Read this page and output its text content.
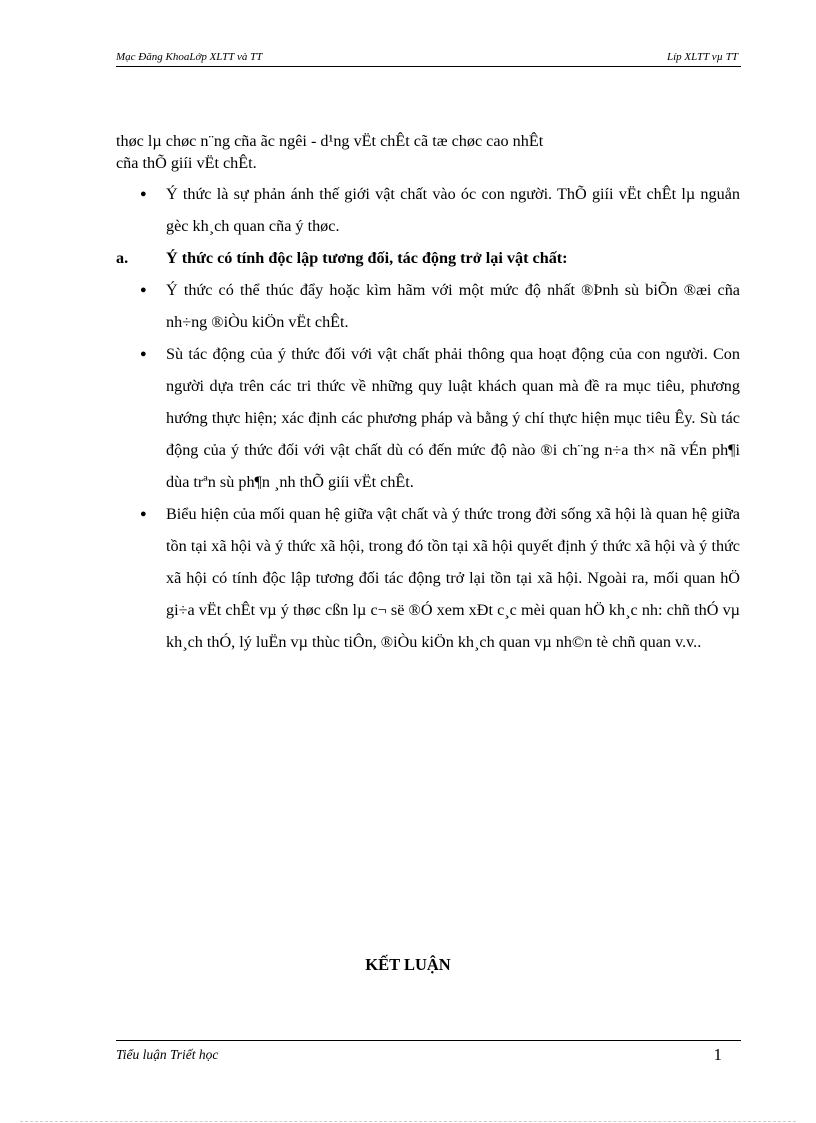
Mạc Đăng KhoaLớp XLTT và TT	Líp XLTT vµ TT
thøc lµ chøc n¨ng cña ãc ngêi - d¹ng vËt chÊt cã tæ chøc cao nhÊt
cña thÕ giíi vËt chÊt.
● Ý thức là sự phản ánh thế giới vật chất vào óc con người. ThÕ giíi vËt chÊt lµ nguån gèc kh¸ch quan cña ý thøc.
a. Ý thức có tính độc lập tương đối, tác động trở lại vật chất:
● Ý thức có thể thúc đẩy hoặc kìm hãm với một mức độ nhất ®Þnh sù biÕn ®æi cña nh÷ng ®iÒu kiÖn vËt chÊt.
● Sù tác động của ý thức đối với vật chất phải thông qua hoạt động của con người. Con người dựa trên các tri thức về những quy luật khách quan mà đề ra mục tiêu, phương hướng thực hiện; xác định các phương pháp và bằng ý chí thực hiện mục tiêu Êy. Sù tác động của ý thức đối với vật chất dù có đến mức độ nào ®i ch¨ng n÷a th× nã vÉn ph¶i dùa trªn sù ph¶n ¸nh thÕ giíi vËt chÊt.
● Biểu hiện của mối quan hệ giữa vật chất và ý thức trong đời sống xã hội là quan hệ giữa tồn tại xã hội và ý thức xã hội, trong đó tồn tại xã hội quyết định ý thức xã hội và ý thức xã hội có tính độc lập tương đối tác động trở lại tồn tại xã hội. Ngoài ra, mối quan hÖ gi÷a vËt chÊt vµ ý thøc cßn lµ c¬ së ®Ó xem xÐt c¸c mèi quan hÖ kh¸c nh: chñ thÓ vµ kh¸ch thÓ, lý luËn vµ thùc tiÔn, ®iÒu kiÖn kh¸ch quan vµ nh©n tè chñ quan v.v..
KẾT LUẬN
Tiểu luận Triết học	1
